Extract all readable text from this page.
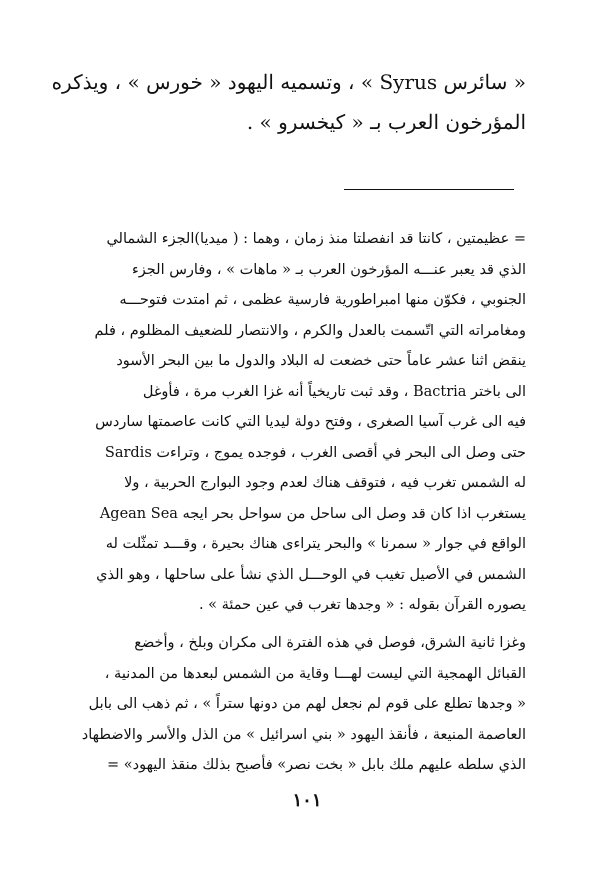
« سائرس Syrus » ، وتسميه اليهود « خورس » ، ويذكره
المؤرخون العرب بـ « كيخسرو » .
= عظيمتين ، كانتا قد انفصلتا منذ زمان ، وهما : ( ميديا)الجزء الشمالي
الذي قد يعبر عنـــه المؤرخون العرب بـ « ماهات » ، وفارس الجزء
الجنوبي ، فكوّن منها امبراطورية فارسية عظمى ، ثم امتدت فتوحـــه
ومغامراته التي اتّسمت بالعدل والكرم ، والانتصار للضعيف المظلوم ، فلم
ينقض اثنا عشر عاماً حتى خضعت له البلاد والدول ما بين البحر الأسود
الى باختر Bactria ، وقد ثبت تاريخياً أنه غزا الغرب مرة ، فأوغل
فيه الى غرب آسيا الصغرى ، وفتح دولة ليديا التي كانت عاصمتها ساردس
Sardis حتى وصل الى البحر في أقصى الغرب ، فوجده يموج ، وتراءت
له الشمس تغرب فيه ، فتوقف هناك لعدم وجود البوارج الحربية ، ولا
يستغرب اذا كان قد وصل الى ساحل من سواحل بحر ايجه Agean Sea
الواقع في جوار « سمرنا » والبحر يتراءى هناك بحيرة ، وقـــد تمثّلت له
الشمس في الأصيل تغيب في الوحـــل الذي نشأ على ساحلها ، وهو الذي
يصوره القرآن بقوله : « وجدها تغرب في عين حمئة » .
وغزا ثانية الشرق، فوصل في هذه الفترة الى مكران وبلخ ، وأخضع
القبائل الهمجية التي ليست لهـــا وقاية من الشمس لبعدها من المدنية ،
« وجدها تطلع على قوم لم نجعل لهم من دونها ستراً » ، ثم ذهب الى بابل
العاصمة المنيعة ، فأنقذ اليهود « بني اسرائيل » من الذل والأسر والاضطهاد
الذي سلطه عليهم ملك بابل « بخت نصر» فأصبح بذلك منقذ اليهود» =
١٠١
